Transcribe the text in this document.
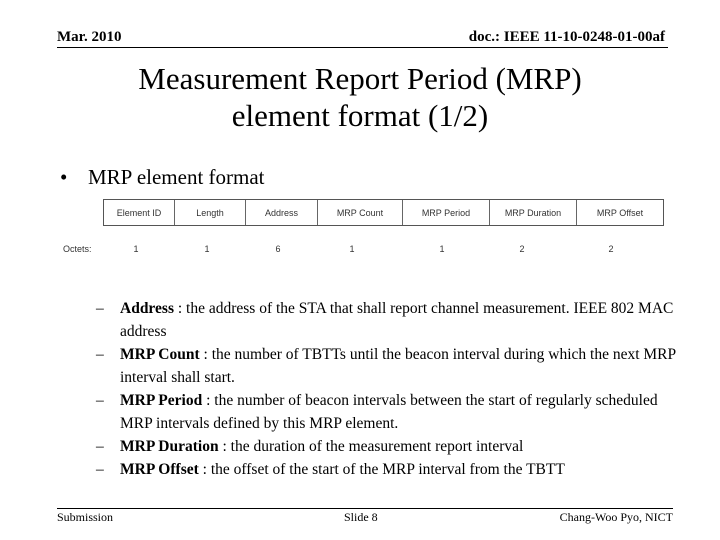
Mar. 2010	doc.: IEEE 11-10-0248-01-00af
Measurement Report Period (MRP)
element format (1/2)
• MRP element format
Element ID	Length	Address	MRP Count	MRP Period	MRP Duration	MRP Offset
Octets:	1	1	6	1	1	2	2
– Address : the address of the STA that shall report channel measurement. IEEE 802 MAC address
– MRP Count : the number of TBTTs until the beacon interval during which the next MRP interval shall start.
– MRP Period : the number of beacon intervals between the start of regularly scheduled MRP intervals defined by this MRP element.
– MRP Duration : the duration of the measurement report interval
– MRP Offset : the offset of the start of the MRP interval from the TBTT
Submission	Slide 8	Chang-Woo Pyo, NICT
